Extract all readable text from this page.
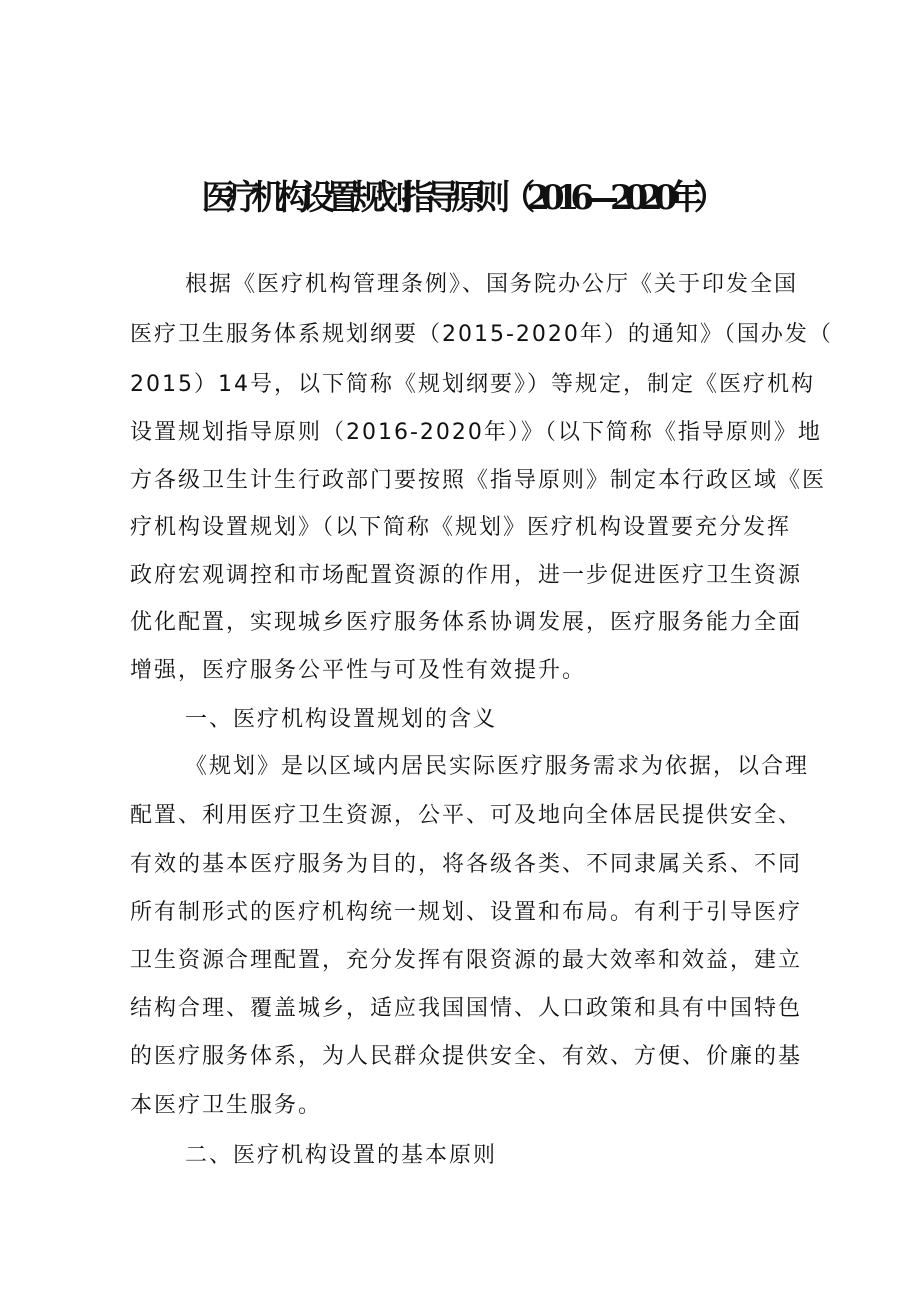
医疗机构设置规划指导原则（2016—2020年）

根据《医疗机构管理条例》、国务院办公厅《关于印发全国

医疗卫生服务体系规划纲要（2015-2020年）的通知》（国办发（

2015）14号，以下简称《规划纲要》）等规定，制定《医疗机构

设置规划指导原则（2016-2020年）》（以下简称《指导原则》地

方各级卫生计生行政部门要按照《指导原则》制定本行政区域《医

疗机构设置规划》（以下简称《规划》医疗机构设置要充分发挥

政府宏观调控和市场配置资源的作用，进一步促进医疗卫生资源

优化配置，实现城乡医疗服务体系协调发展，医疗服务能力全面

增强，医疗服务公平性与可及性有效提升。

一、医疗机构设置规划的含义

《规划》是以区域内居民实际医疗服务需求为依据，以合理

配置、利用医疗卫生资源，公平、可及地向全体居民提供安全、

有效的基本医疗服务为目的，将各级各类、不同隶属关系、不同

所有制形式的医疗机构统一规划、设置和布局。有利于引导医疗

卫生资源合理配置，充分发挥有限资源的最大效率和效益，建立

结构合理、覆盖城乡，适应我国国情、人口政策和具有中国特色

的医疗服务体系，为人民群众提供安全、有效、方便、价廉的基

本医疗卫生服务。

二、医疗机构设置的基本原则
